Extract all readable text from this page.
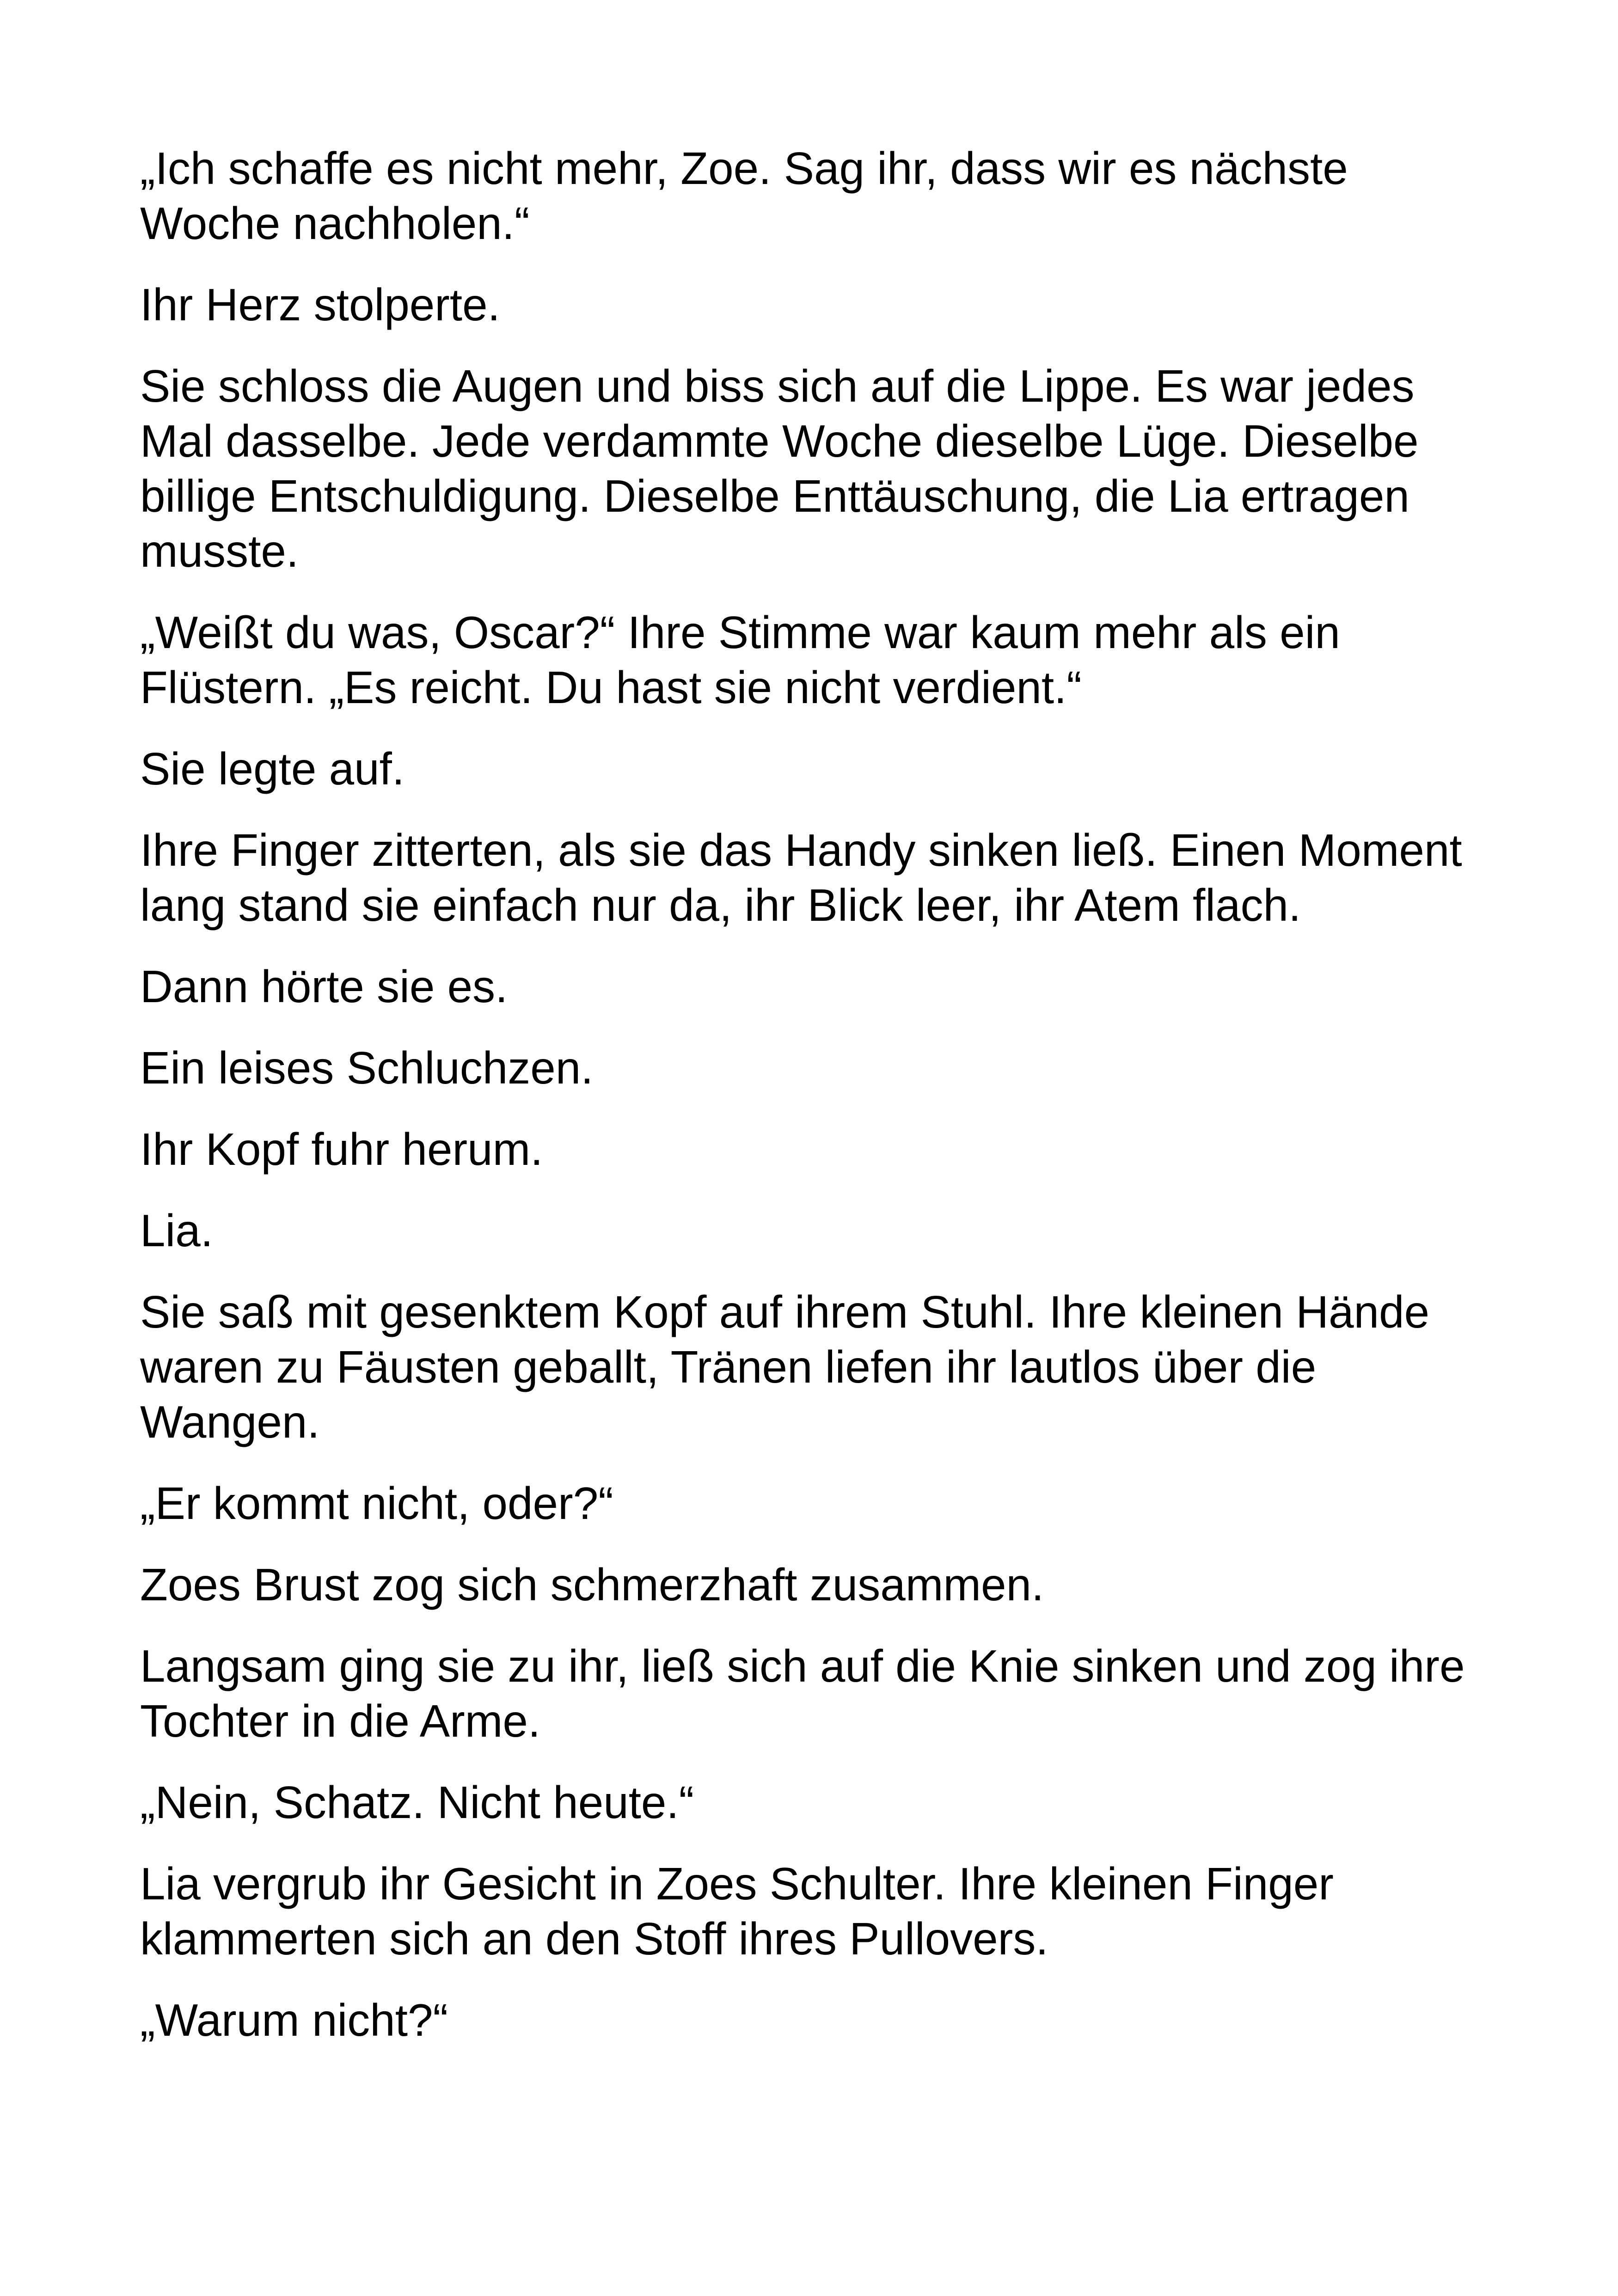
„Ich schaffe es nicht mehr, Zoe. Sag ihr, dass wir es nächste Woche nachholen.“

Ihr Herz stolperte.

Sie schloss die Augen und biss sich auf die Lippe. Es war jedes Mal dasselbe. Jede verdammte Woche dieselbe Lüge. Dieselbe billige Entschuldigung. Dieselbe Enttäuschung, die Lia ertragen musste.

„Weißt du was, Oscar?“ Ihre Stimme war kaum mehr als ein Flüstern. „Es reicht. Du hast sie nicht verdient.“

Sie legte auf.

Ihre Finger zitterten, als sie das Handy sinken ließ. Einen Moment lang stand sie einfach nur da, ihr Blick leer, ihr Atem flach.

Dann hörte sie es.

Ein leises Schluchzen.

Ihr Kopf fuhr herum.

Lia.

Sie saß mit gesenktem Kopf auf ihrem Stuhl. Ihre kleinen Hände waren zu Fäusten geballt, Tränen liefen ihr lautlos über die Wangen.

„Er kommt nicht, oder?“

Zoes Brust zog sich schmerzhaft zusammen.

Langsam ging sie zu ihr, ließ sich auf die Knie sinken und zog ihre Tochter in die Arme.

„Nein, Schatz. Nicht heute.“

Lia vergrub ihr Gesicht in Zoes Schulter. Ihre kleinen Finger klammerten sich an den Stoff ihres Pullovers.

„Warum nicht?“
